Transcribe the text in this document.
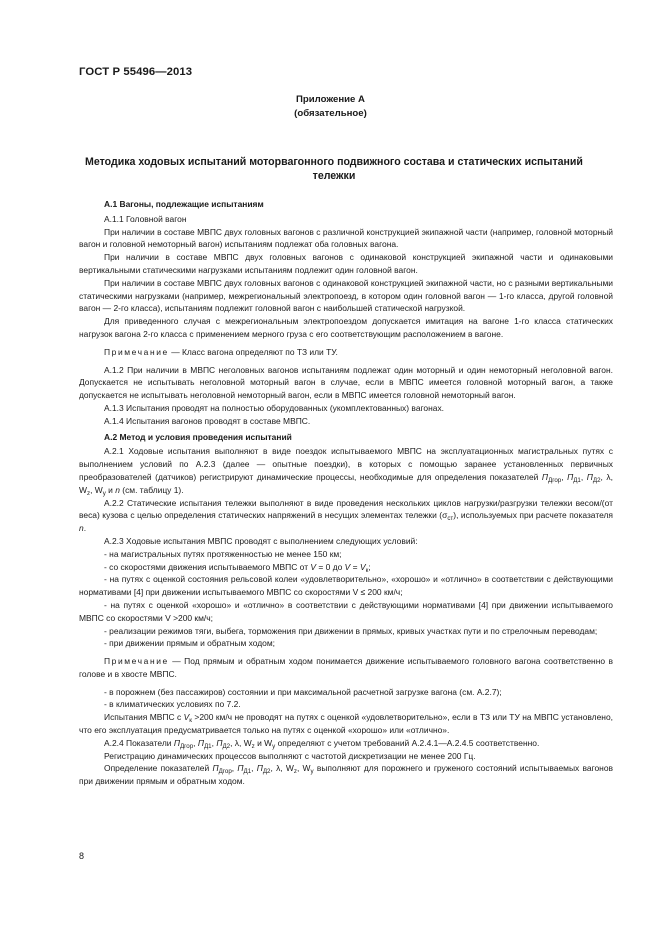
ГОСТ Р 55496—2013
Приложение А
(обязательное)
Методика ходовых испытаний моторвагонного подвижного состава и статических испытаний тележки

А.1 Вагоны, подлежащие испытаниям

А.1.1 Головной вагон

При наличии в составе МВПС двух головных вагонов с различной конструкцией экипажной части (например, головной моторный вагон и головной немоторный вагон) испытаниям подлежат оба головных вагона.

При наличии в составе МВПС двух головных вагонов с одинаковой конструкцией экипажной части и одинаковыми вертикальными статическими нагрузками испытаниям подлежит один головной вагон.

При наличии в составе МВПС двух головных вагонов с одинаковой конструкцией экипажной части, но с разными вертикальными статическими нагрузками (например, межрегиональный электропоезд, в котором один головной вагон — 1-го класса, другой головной вагон — 2-го класса), испытаниям подлежит головной вагон с наибольшей статической нагрузкой.

Для приведенного случая с межрегиональным электропоездом допускается имитация на вагоне 1-го класса статических нагрузок вагона 2-го класса с применением мерного груза с его соответствующим расположением в вагоне.

Примечание — Класс вагона определяют по ТЗ или ТУ.

А.1.2 При наличии в МВПС неголовных вагонов испытаниям подлежат один моторный и один немоторный неголовной вагон. Допускается не испытывать неголовной моторный вагон в случае, если в МВПС имеется головной моторный вагон, а также допускается не испытывать неголовной немоторный вагон, если в МВПС имеется головной немоторный вагон.

А.1.3 Испытания проводят на полностью оборудованных (укомплектованных) вагонах.

А.1.4 Испытания вагонов проводят в составе МВПС.

А.2 Метод и условия проведения испытаний

А.2.1 Ходовые испытания выполняют в виде поездок испытываемого МВПС на эксплуатационных магистральных путях с выполнением условий по А.2.3 (далее — опытные поездки), в которых с помощью заранее установленных первичных преобразователей (датчиков) регистрируют динамические процессы, необходимые для определения показателей $П_{Дгор}$, $П_{Д1}$, $П_{Д2}$, λ, $W_z$, $W_y$ и n (см. таблицу 1).

А.2.2 Статические испытания тележки выполняют в виде проведения нескольких циклов нагрузки/разгрузки тележки весом/(от веса) кузова с целью определения статических напряжений в несущих элементах тележки $(\sigma_{ст})$, используемых при расчете показателя n.

А.2.3 Ходовые испытания МВПС проводят с выполнением следующих условий:

- на магистральных путях протяженностью не менее 150 км;

- со скоростями движения испытываемого МВПС от V = 0 до $V = V_к$;

- на путях с оценкой состояния рельсовой колеи «удовлетворительно», «хорошо» и «отлично» в соответствии с действующими нормативами [4] при движении испытываемого МВПС со скоростями V ≤ 200 км/ч;

- на путях с оценкой «хорошо» и «отлично» в соответствии с действующими нормативами [4] при движении испытываемого МВПС со скоростями V >200 км/ч;

- реализации режимов тяги, выбега, торможения при движении в прямых, кривых участках пути и по стрелочным переводам;

- при движении прямым и обратным ходом;

Примечание — Под прямым и обратным ходом понимается движение испытываемого головного вагона соответственно в голове и в хвосте МВПС.

- в порожнем (без пассажиров) состоянии и при максимальной расчетной загрузке вагона (см. А.2.7);

- в климатических условиях по 7.2.

Испытания МВПС с $V_к >200$ км/ч не проводят на путях с оценкой «удовлетворительно», если в ТЗ или ТУ на МВПС установлено, что его эксплуатация предусматривается только на путях с оценкой «хорошо» или «отлично».

А.2.4 Показатели $П_{Дгор}$, $П_{Д1}$, $П_{Д2}$, λ, $W_z$ и $W_y$ определяют с учетом требований А.2.4.1—А.2.4.5 соответственно.

Регистрацию динамических процессов выполняют с частотой дискретизации не менее 200 Гц.

Определение показателей $П_{Дгор}$, $П_{Д1}$, $П_{Д2}$, λ, $W_z$, $W_y$ выполняют для порожнего и груженого состояний испытываемых вагонов при движении прямым и обратным ходом.

8
